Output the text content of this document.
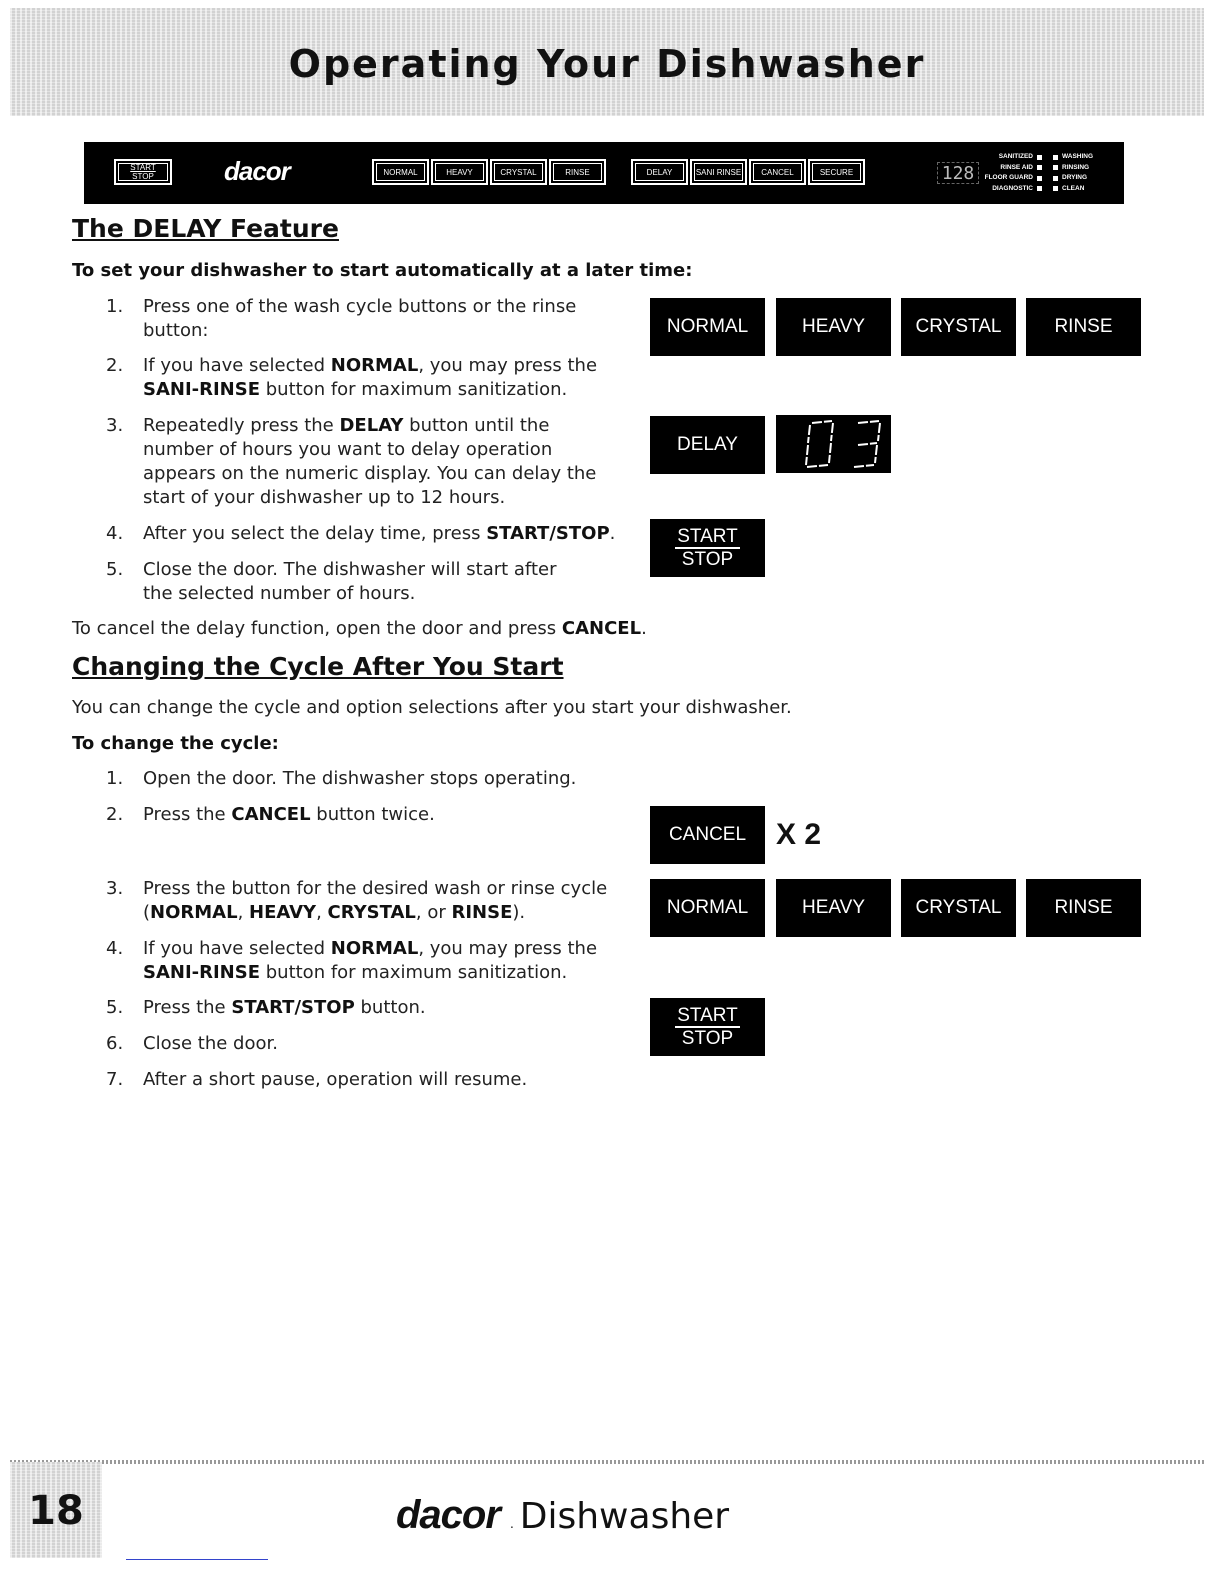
Operating Your Dishwasher
START
STOP	dacor	NORMAL	HEAVY	CRYSTAL	RINSE	DELAY	SANI RINSE	CANCEL	SECURE	128
SANITIZED
RINSE AID
FLOOR GUARD
DIAGNOSTIC
WASHING
RINSING
DRYING
CLEAN
The DELAY Feature
To set your dishwasher to start automatically at a later time:
1. Press one of the wash cycle buttons or the rinse button:
2. If you have selected NORMAL, you may press the
SANI-RINSE button for maximum sanitization.
3. Repeatedly press the DELAY button until the number of hours you want to delay operation appears on the numeric display. You can delay the start of your dishwasher up to 12 hours.
4. After you select the delay time, press START/STOP.
5. Close the door. The dishwasher will start after the selected number of hours.
To cancel the delay function, open the door and press CANCEL.
NORMAL	HEAVY	CRYSTAL	RINSE
DELAY
START
STOP
Changing the Cycle After You Start
You can change the cycle and option selections after you start your dishwasher.
To change the cycle:
1. Open the door. The dishwasher stops operating.
2. Press the CANCEL button twice.
3. Press the button for the desired wash or rinse cycle (NORMAL, HEAVY, CRYSTAL, or RINSE).
4. If you have selected NORMAL, you may press the
SANI-RINSE button for maximum sanitization.
5. Press the START/STOP button.
6. Close the door.
7. After a short pause, operation will resume.
CANCEL X 2
NORMAL	HEAVY	CRYSTAL	RINSE
START
STOP
18	dacor . Dishwasher
